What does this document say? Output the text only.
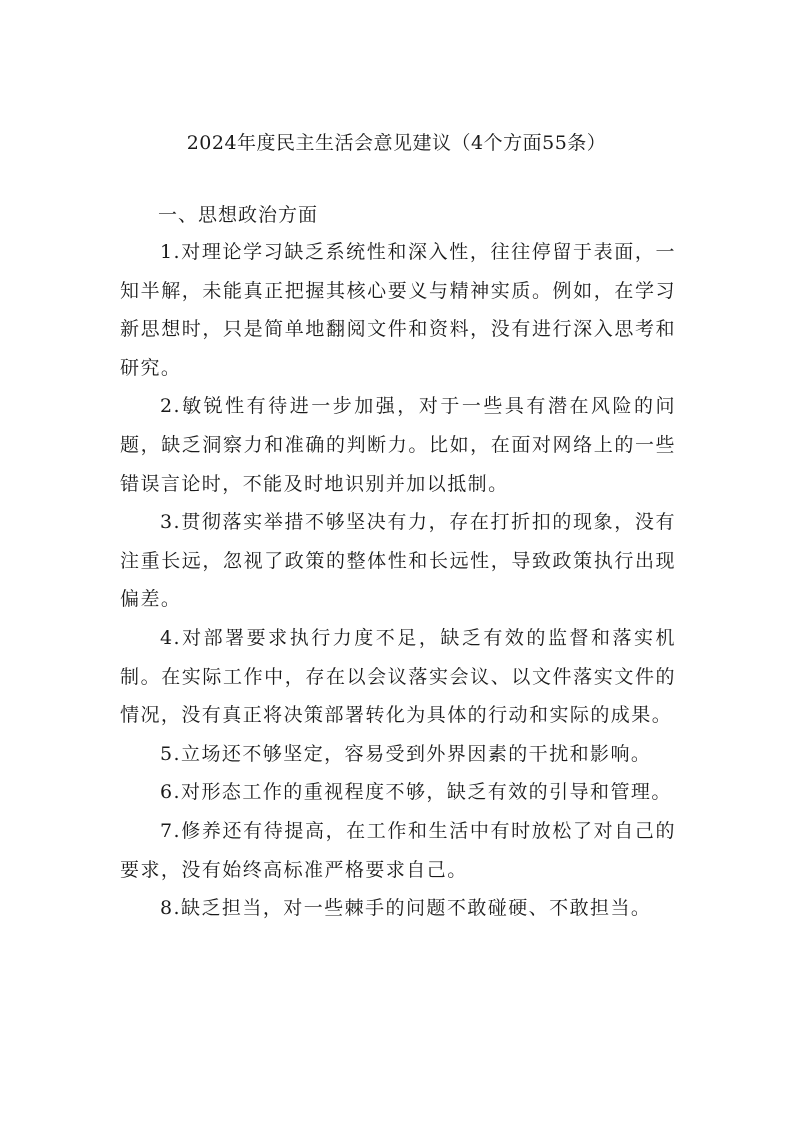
2024年度民主生活会意见建议（4个方面55条）

一、思想政治方面

1.对理论学习缺乏系统性和深入性，往往停留于表面，一知半解，未能真正把握其核心要义与精神实质。例如，在学习新思想时，只是简单地翻阅文件和资料，没有进行深入思考和研究。

2.敏锐性有待进一步加强，对于一些具有潜在风险的问题，缺乏洞察力和准确的判断力。比如，在面对网络上的一些错误言论时，不能及时地识别并加以抵制。

3.贯彻落实举措不够坚决有力，存在打折扣的现象，没有注重长远，忽视了政策的整体性和长远性，导致政策执行出现偏差。

4.对部署要求执行力度不足，缺乏有效的监督和落实机制。在实际工作中，存在以会议落实会议、以文件落实文件的情况，没有真正将决策部署转化为具体的行动和实际的成果。

5.立场还不够坚定，容易受到外界因素的干扰和影响。

6.对形态工作的重视程度不够，缺乏有效的引导和管理。

7.修养还有待提高，在工作和生活中有时放松了对自己的要求，没有始终高标准严格要求自己。

8.缺乏担当，对一些棘手的问题不敢碰硬、不敢担当。
